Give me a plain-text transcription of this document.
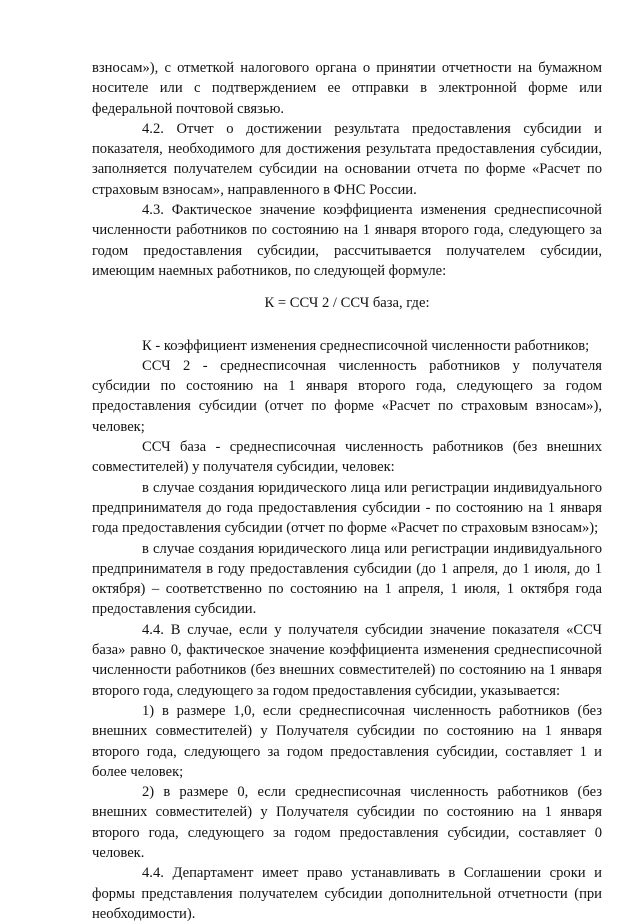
взносам»), с отметкой налогового органа о принятии отчетности на бумажном носителе или с подтверждением ее отправки в электронной форме или федеральной почтовой связью.

4.2. Отчет о достижении результата предоставления субсидии и показателя, необходимого для достижения результата предоставления субсидии, заполняется получателем субсидии на основании отчета по форме «Расчет по страховым взносам», направленного в ФНС России.

4.3. Фактическое значение коэффициента изменения среднесписочной численности работников по состоянию на 1 января второго года, следующего за годом предоставления субсидии, рассчитывается получателем субсидии, имеющим наемных работников, по следующей формуле:

К = ССЧ 2 / ССЧ база, где:

К - коэффициент изменения среднесписочной численности работников;

ССЧ 2 - среднесписочная численность работников у получателя субсидии по состоянию на 1 января второго года, следующего за годом предоставления субсидии (отчет по форме «Расчет по страховым взносам»), человек;

ССЧ база - среднесписочная численность работников (без внешних совместителей) у получателя субсидии, человек:

в случае создания юридического лица или регистрации индивидуального предпринимателя до года предоставления субсидии - по состоянию на 1 января года предоставления субсидии (отчет по форме «Расчет по страховым взносам»);

в случае создания юридического лица или регистрации индивидуального предпринимателя в году предоставления субсидии (до 1 апреля, до 1 июля, до 1 октября) – соответственно по состоянию на 1 апреля, 1 июля, 1 октября года предоставления субсидии.

4.4. В случае, если у получателя субсидии значение показателя «ССЧ база» равно 0, фактическое значение коэффициента изменения среднесписочной численности работников (без внешних совместителей) по состоянию на 1 января второго года, следующего за годом предоставления субсидии, указывается:

1) в размере 1,0, если среднесписочная численность работников (без внешних совместителей) у Получателя субсидии по состоянию на 1 января второго года, следующего за годом предоставления субсидии, составляет 1 и более человек;

2) в размере 0, если среднесписочная численность работников (без внешних совместителей) у Получателя субсидии по состоянию на 1 января второго года, следующего за годом предоставления субсидии, составляет 0 человек.

4.4. Департамент имеет право устанавливать в Соглашении сроки и формы представления получателем субсидии дополнительной отчетности (при необходимости).
